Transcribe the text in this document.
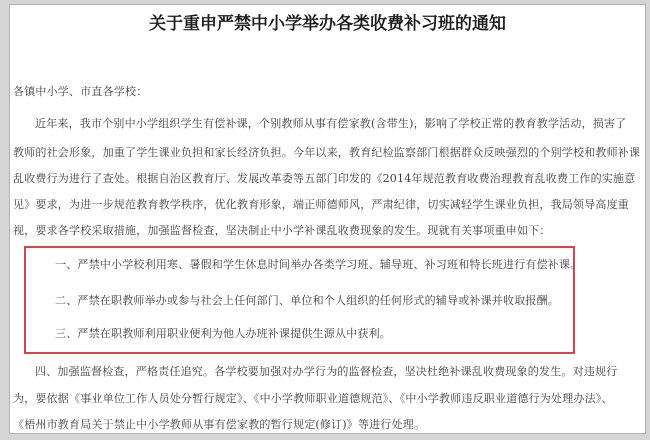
关于重申严禁中小学举办各类收费补习班的通知
各镇中小学、市直各学校：
近年来，我市个别中小学组织学生有偿补课，个别教师从事有偿家教(含带生)，影响了学校正常的教育教学活动，损害了
教师的社会形象，加重了学生课业负担和家长经济负担。今年以来，教育纪检监察部门根据群众反映强烈的个别学校和教师补课
乱收费行为进行了查处。根据自治区教育厅、发展改革委等五部门印发的《2014年规范教育收费治理教育乱收费工作的实施意
见》要求，为进一步规范教育教学秩序，优化教育形象，端正师德师风，严肃纪律，切实减轻学生课业负担，我局领导高度重
视，要求各学校采取措施，加强监督检查，坚决制止中小学补课乱收费现象的发生。现就有关事项重申如下：
一、严禁中小学校利用寒、暑假和学生休息时间举办各类学习班、辅导班、补习班和特长班进行有偿补课。
二、严禁在职教师举办或参与社会上任何部门、单位和个人组织的任何形式的辅导或补课并收取报酬。
三、严禁在职教师利用职业便利为他人办班补课提供生源从中获利。
四、加强监督检查，严格责任追究。各学校要加强对办学行为的监督检查，坚决杜绝补课乱收费现象的发生。对违规行
为，要依据《事业单位工作人员处分暂行规定》、《中小学教师职业道德规范》、《中小学教师违反职业道德行为处理办法》、
《梧州市教育局关于禁止中小学教师从事有偿家教的暂行规定(修订)》等进行处理。
